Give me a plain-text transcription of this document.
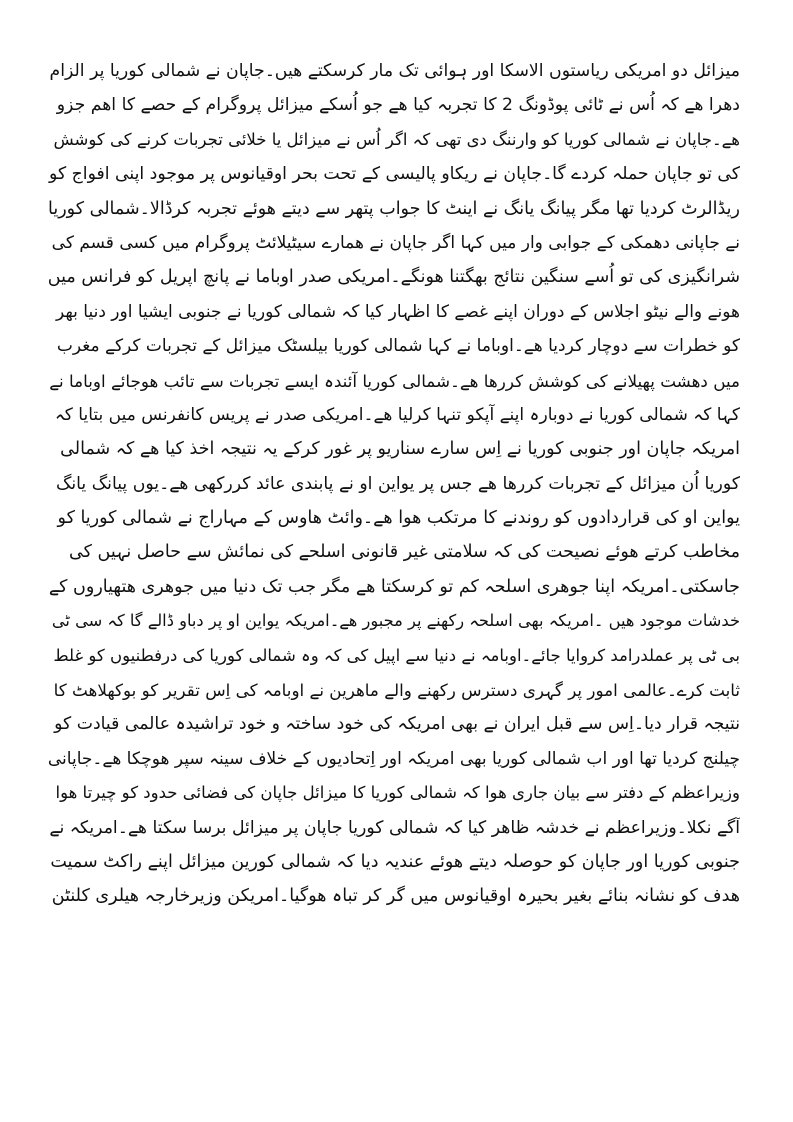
میزائل دو امریکی ریاستوں الاسکا اور ہوائی تک مار کرسکتے ھیں۔جاپان نے شمالی کوریا پر الزام

دھرا ھے کہ اُس نے ٹائی پوڈونگ 2 کا تجربہ کیا ھے جو اُسکے میزائل پروگرام کے حصے کا اھم جزو

ھے۔جاپان نے شمالی کوریا کو وارننگ دی تھی کہ اگر اُس نے میزائل یا خلائی تجربات کرنے کی کوشش

کی تو جاپان حملہ کردے گا۔جاپان نے ریکاو پالیسی کے تحت بحر اوقیانوس پر موجود اپنی افواج کو

ریڈالرٹ کردیا تھا مگر پیانگ یانگ نے اینٹ کا جواب پتھر سے دیتے ھوئے تجربہ کرڈالا۔شمالی کوریا

نے جاپانی دھمکی کے جوابی وار میں کہا اگر جاپان نے ھمارے سیٹیلائٹ پروگرام میں کسی قسم کی

شرانگیزی کی تو اُسے سنگین نتائج بھگتنا ھونگے۔امریکی صدر اوباما نے پانچ اپریل کو فرانس میں

ھونے والے نیٹو اجلاس کے دوران اپنے غصے کا اظہار کیا کہ شمالی کوریا نے جنوبی ایشیا اور دنیا بھر

کو خطرات سے دوچار کردیا ھے۔اوباما نے کہا شمالی کوریا بیلسٹک میزائل کے تجربات کرکے مغرب

میں دھشت پھیلانے کی کوشش کررھا ھے۔شمالی کوریا آئندہ ایسے تجربات سے تائب ھوجائے اوباما نے

کہا کہ شمالی کوریا نے دوبارہ اپنے آپکو تنہا کرلیا ھے۔امریکی صدر نے پریس کانفرنس میں بتایا کہ

امریکہ جاپان اور جنوبی کوریا نے اِس سارے سناریو پر غور کرکے یہ نتیجہ اخذ کیا ھے کہ شمالی

کوریا اُن میزائل کے تجربات کررھا ھے جس پر یواین او نے پابندی عائد کررکھی ھے۔یوں پیانگ یانگ

یواین او کی قراردادوں کو روندنے کا مرتکب ھوا ھے۔وائٹ ھاوس کے مہاراج نے شمالی کوریا کو

مخاطب کرتے ھوئے نصیحت کی کہ سلامتی غیر قانونی اسلحے کی نمائش سے حاصل نہیں کی

جاسکتی۔امریکہ اپنا جوھری اسلحہ کم تو کرسکتا ھے مگر جب تک دنیا میں جوھری ھتھیاروں کے

خدشات موجود ھیں ۔امریکہ بھی اسلحہ رکھنے پر مجبور ھے۔امریکہ یواین او پر دباو ڈالے گا کہ سی ٹی

بی ٹی پر عملدرامد کروایا جائے۔اوبامہ نے دنیا سے اپیل کی کہ وہ شمالی کوریا کی درفطنیوں کو غلط

ثابت کرے۔عالمی امور پر گہری دسترس رکھنے والے ماھرین نے اوبامہ کی اِس تقریر کو بوکھلاھٹ کا

نتیجہ قرار دیا۔اِس سے قبل ایران نے بھی امریکہ کی خود ساختہ و خود تراشیدہ عالمی قیادت کو

چیلنج کردیا تھا اور اب شمالی کوریا بھی امریکہ اور اِتحادیوں کے خلاف سینہ سپر ھوچکا ھے۔جاپانی

وزیراعظم کے دفتر سے بیان جاری ھوا کہ شمالی کوریا کا میزائل جاپان کی فضائی حدود کو چیرتا ھوا

آگے نکلا۔وزیراعظم نے خدشہ ظاھر کیا کہ شمالی کوریا جاپان پر میزائل برسا سکتا ھے۔امریکہ نے

جنوبی کوریا اور جاپان کو حوصلہ دیتے ھوئے عندیہ دیا کہ شمالی کورین میزائل اپنے راکٹ سمیت

ھدف کو نشانہ بنائے بغیر بحیرہ اوقیانوس میں گر کر تباہ ھوگیا۔امریکن وزیرخارجہ ھیلری کلنٹن
